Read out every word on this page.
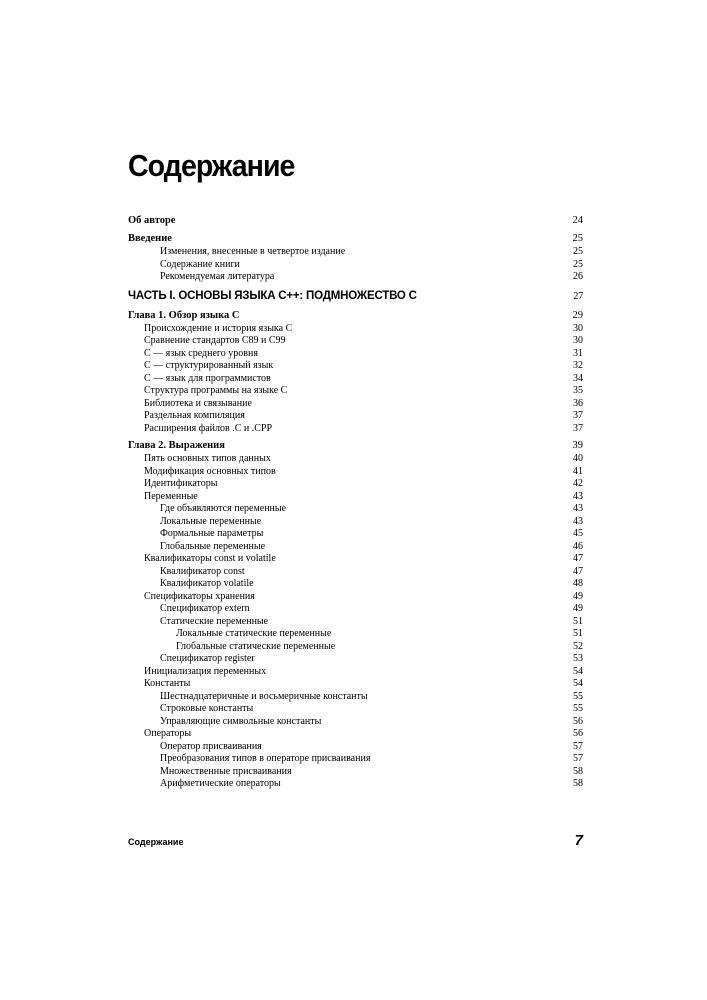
Содержание
Об авторе	24
Введение	25
Изменения, внесенные в четвертое издание	25
Содержание книги	25
Рекомендуемая литература	26
ЧАСТЬ I. ОСНОВЫ ЯЗЫКА С++: ПОДМНОЖЕСТВО С	27
Глава 1. Обзор языка С	29
Происхождение и история языка С	30
Сравнение стандартов С89 и С99	30
С — язык среднего уровня	31
С — структурированный язык	32
С — язык для программистов	34
Структура программы на языке С	35
Библиотека и связывание	36
Раздельная компиляция	37
Расширения файлов .С и .СРР	37
Глава 2. Выражения	39
Пять основных типов данных	40
Модификация основных типов	41
Идентификаторы	42
Переменные	43
Где объявляются переменные	43
Локальные переменные	43
Формальные параметры	45
Глобальные переменные	46
Квалификаторы const и volatile	47
Квалификатор const	47
Квалификатор volatile	48
Спецификаторы хранения	49
Спецификатор extern	49
Статические переменные	51
Локальные статические переменные	51
Глобальные статические переменные	52
Спецификатор register	53
Инициализация переменных	54
Константы	54
Шестнадцатеричные и восьмеричные константы	55
Строковые константы	55
Управляющие символьные константы	56
Операторы	56
Оператор присваивания	57
Преобразования типов в операторе присваивания	57
Множественные присваивания	58
Арифметические операторы	58
Содержание	7
